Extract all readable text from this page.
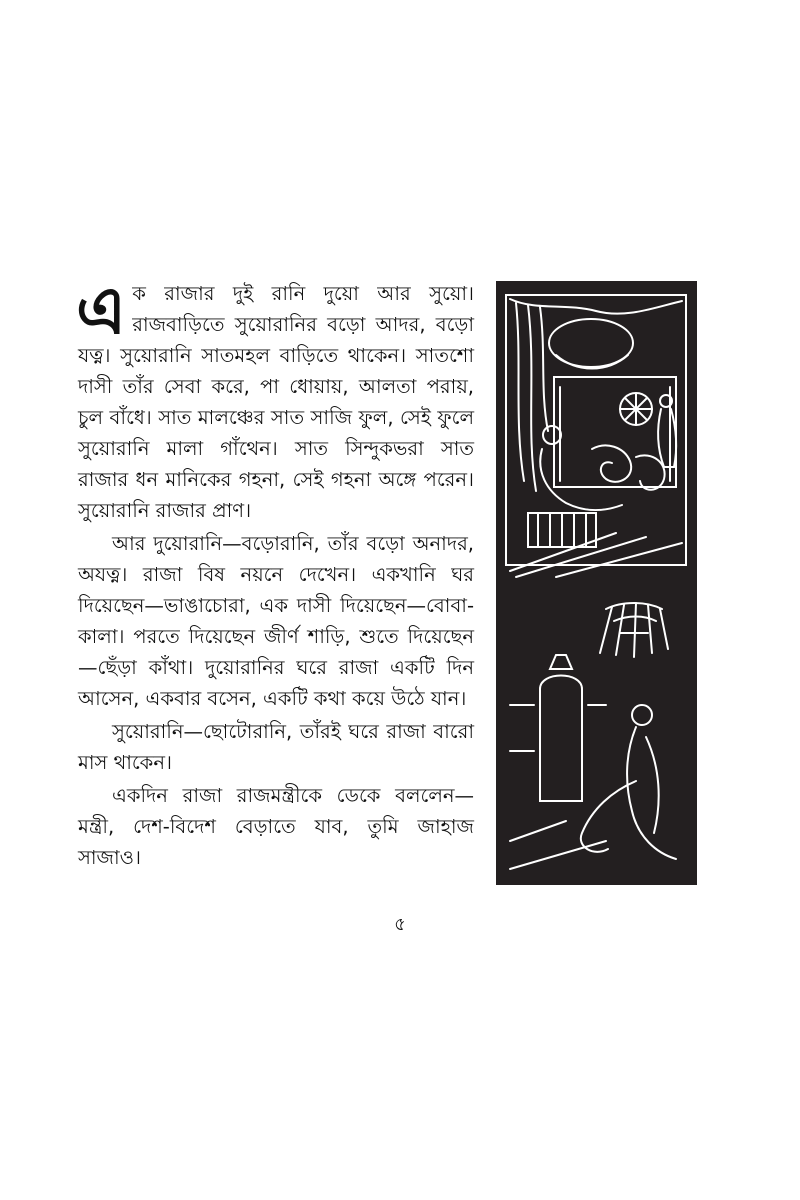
এক রাজার দুই রানি দুয়ো আর সুয়ো। রাজবাড়িতে সুয়োরানির বড়ো আদর, বড়ো যত্ন। সুয়োরানি সাতমহল বাড়িতে থাকেন। সাতশো দাসী তাঁর সেবা করে, পা ধোয়ায়, আলতা পরায়, চুল বাঁধে। সাত মালঞ্চের সাত সাজি ফুল, সেই ফুলে সুয়োরানি মালা গাঁথেন। সাত সিন্দুকভরা সাত রাজার ধন মানিকের গহনা, সেই গহনা অঙ্গে পরেন। সুয়োরানি রাজার প্রাণ।

আর দুয়োরানি—বড়োরানি, তাঁর বড়ো অনাদর, অযত্ন। রাজা বিষ নয়নে দেখেন। একখানি ঘর দিয়েছেন—ভাঙাচোরা, এক দাসী দিয়েছেন—বোবা-কালা। পরতে দিয়েছেন জীর্ণ শাড়ি, শুতে দিয়েছেন—ছেঁড়া কাঁথা। দুয়োরানির ঘরে রাজা একটি দিন আসেন, একবার বসেন, একটি কথা কয়ে উঠে যান।

সুয়োরানি—ছোটোরানি, তাঁরই ঘরে রাজা বারো মাস থাকেন।

একদিন রাজা রাজমন্ত্রীকে ডেকে বললেন—মন্ত্রী, দেশ-বিদেশ বেড়াতে যাব, তুমি জাহাজ সাজাও।

৫
